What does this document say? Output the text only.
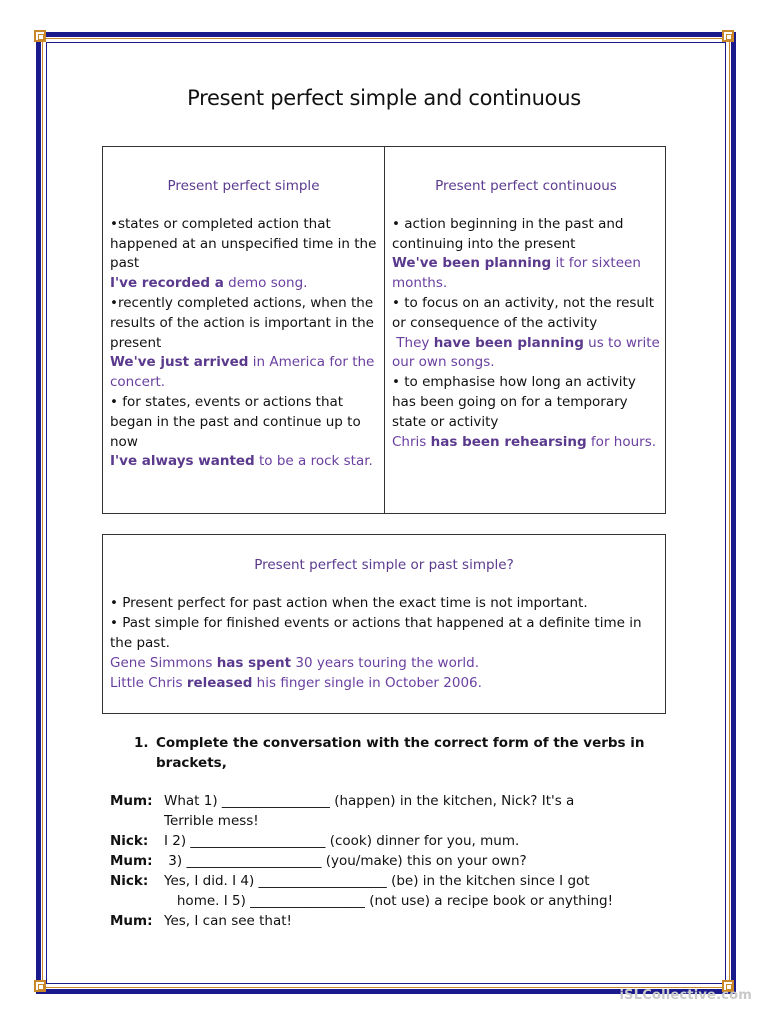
Present perfect simple and continuous
Present perfect simple

•states or completed action that happened at an unspecified time in the past

I've recorded a demo song.

•recently completed actions, when the results of the action is important in the present

We've just arrived in America for the concert.

• for states, events or actions that began in the past and continue up to now

I've always wanted to be a rock star.

Present perfect continuous

• action beginning in the past and continuing into the present

We've been planning it for sixteen months.

• to focus on an activity, not the result or consequence of the activity

They have been planning us to write our own songs.

• to emphasise how long an activity has been going on for a temporary state or activity

Chris has been rehearsing for hours.

Present perfect simple or past simple?

• Present perfect for past action when the exact time is not important.

• Past simple for finished events or actions that happened at a definite time in the past.

Gene Simmons has spent 30 years touring the world.

Little Chris released his finger single in October 2006.

1. Complete the conversation with the correct form of the verbs in brackets,
Mum: What 1) ________________ (happen) in the kitchen, Nick? It's a
Terrible mess!
Nick:	I 2) ____________________ (cook) dinner for you, mum.
Mum: 3) ____________________ (you/make) this on your own?
Nick:	Yes, I did. I 4) ___________________ (be) in the kitchen since I got
home. I 5) _________________ (not use) a recipe book or anything!
Mum: Yes, I can see that!
iSLCollective.com
